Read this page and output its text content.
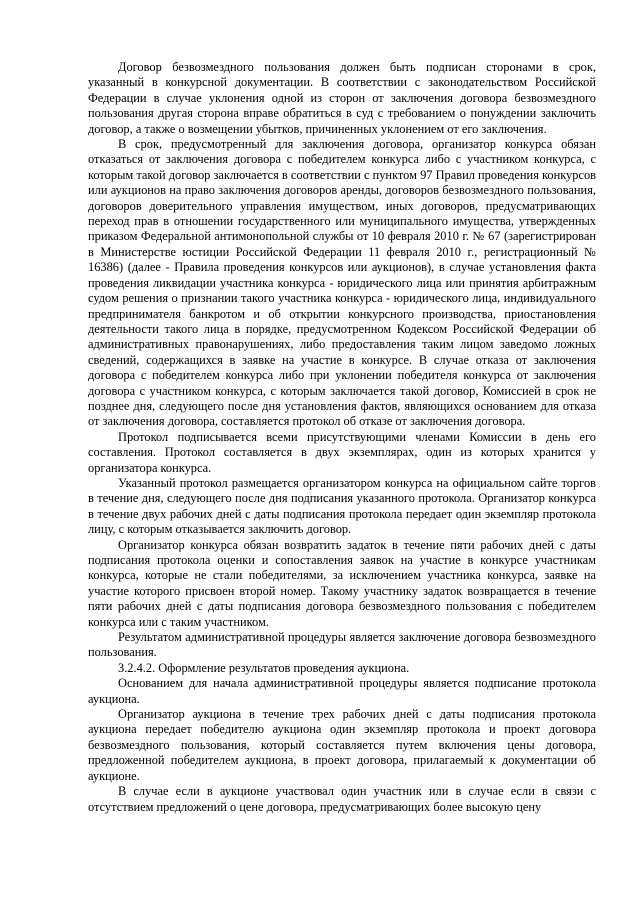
Договор безвозмездного пользования должен быть подписан сторонами в срок, указанный в конкурсной документации. В соответствии с законодательством Российской Федерации в случае уклонения одной из сторон от заключения договора безвозмездного пользования другая сторона вправе обратиться в суд с требованием о понуждении заключить договор, а также о возмещении убытков, причиненных уклонением от его заключения.

В срок, предусмотренный для заключения договора, организатор конкурса обязан отказаться от заключения договора с победителем конкурса либо с участником конкурса, с которым такой договор заключается в соответствии с пунктом 97 Правил проведения конкурсов или аукционов на право заключения договоров аренды, договоров безвозмездного пользования, договоров доверительного управления имуществом, иных договоров, предусматривающих переход прав в отношении государственного или муниципального имущества, утвержденных приказом Федеральной антимонопольной службы от 10 февраля 2010 г. № 67 (зарегистрирован в Министерстве юстиции Российской Федерации 11 февраля 2010 г., регистрационный № 16386) (далее - Правила проведения конкурсов или аукционов), в случае установления факта проведения ликвидации участника конкурса - юридического лица или принятия арбитражным судом решения о признании такого участника конкурса - юридического лица, индивидуального предпринимателя банкротом и об открытии конкурсного производства, приостановления деятельности такого лица в порядке, предусмотренном Кодексом Российской Федерации об административных правонарушениях, либо предоставления таким лицом заведомо ложных сведений, содержащихся в заявке на участие в конкурсе. В случае отказа от заключения договора с победителем конкурса либо при уклонении победителя конкурса от заключения договора с участником конкурса, с которым заключается такой договор, Комиссией в срок не позднее дня, следующего после дня установления фактов, являющихся основанием для отказа от заключения договора, составляется протокол об отказе от заключения договора.

Протокол подписывается всеми присутствующими членами Комиссии в день его составления. Протокол составляется в двух экземплярах, один из которых хранится у организатора конкурса.

Указанный протокол размещается организатором конкурса на официальном сайте торгов в течение дня, следующего после дня подписания указанного протокола. Организатор конкурса в течение двух рабочих дней с даты подписания протокола передает один экземпляр протокола лицу, с которым отказывается заключить договор.

Организатор конкурса обязан возвратить задаток в течение пяти рабочих дней с даты подписания протокола оценки и сопоставления заявок на участие в конкурсе участникам конкурса, которые не стали победителями, за исключением участника конкурса, заявке на участие которого присвоен второй номер. Такому участнику задаток возвращается в течение пяти рабочих дней с даты подписания договора безвозмездного пользования с победителем конкурса или с таким участником.

Результатом административной процедуры является заключение договора безвозмездного пользования.

3.2.4.2. Оформление результатов проведения аукциона.

Основанием для начала административной процедуры является подписание протокола аукциона.

Организатор аукциона в течение трех рабочих дней с даты подписания протокола аукциона передает победителю аукциона один экземпляр протокола и проект договора безвозмездного пользования, который составляется путем включения цены договора, предложенной победителем аукциона, в проект договора, прилагаемый к документации об аукционе.

В случае если в аукционе участвовал один участник или в случае если в связи с отсутствием предложений о цене договора, предусматривающих более высокую цену
